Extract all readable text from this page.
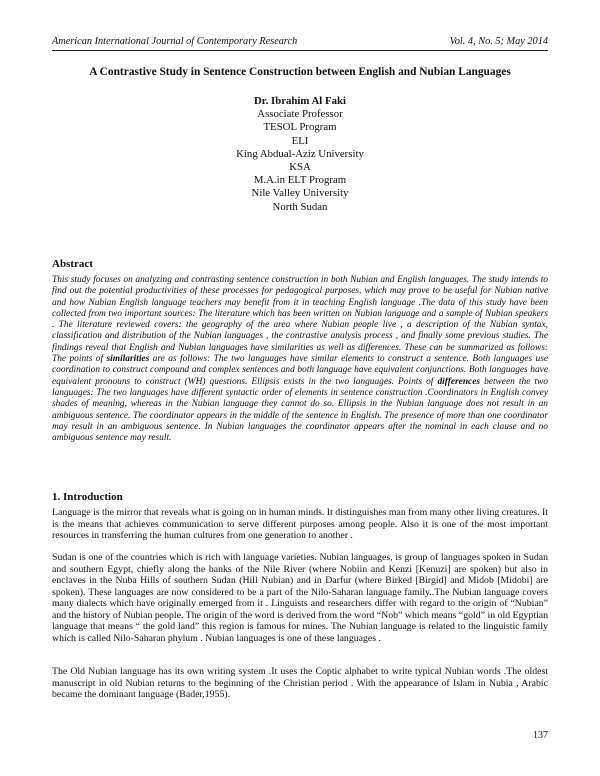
American International Journal of Contemporary Research	Vol. 4, No. 5; May 2014
A Contrastive Study in Sentence Construction between English and Nubian Languages
Dr. Ibrahim Al Faki
Associate Professor
TESOL Program
ELI
King Abdual-Aziz University
KSA
M.A.in ELT Program
Nile Valley University
North Sudan
Abstract
This study focuses on analyzing and contrasting sentence construction in both Nubian and English languages. The study intends to find out the potential productivities of these processes for pedagogical purposes, which may prove to be useful for Nubian native and how Nubian English language teachers may benefit from it in teaching English language .The data of this study have been collected from two important sources: The literature which has been written on Nubian language and a sample of Nubian speakers . The literature reviewed covers: the geography of the area where Nubian people live , a description of the Nubian syntax, classification and distribution of the Nubian languages , the contrastive analysis process , and finally some previous studies. The findings reveal that English and Nubian languages have similarities as well as differences. These can be summarized as follows: The points of similarities are as follows: The two languages have similar elements to construct a sentence. Both languages use coordination to construct compound and complex sentences and both language have equivalent conjunctions. Both languages have equivalent pronouns to construct (WH) questions. Ellipsis exists in the two languages. Points of differences between the two languages: The two languages have different syntactic order of elements in sentence construction .Coordinators in English convey shades of meaning, whereas in the Nubian language they cannot do so. Ellipsis in the Nubian language does not result in an ambiguous sentence. The coordinator appears in the middle of the sentence in English. The presence of more than one coordinator may result in an ambiguous sentence. In Nubian languages the coordinator appears after the nominal in each clause and no ambiguous sentence may result.
1. Introduction

Language is the mirror that reveals what is going on in human minds. It distinguishes man from many other living creatures. It is the means that achieves communication to serve different purposes among people. Also it is one of the most important resources in transferring the human cultures from one generation to another .

Sudan is one of the countries which is rich with language varieties. Nubian languages, is group of languages spoken in Sudan and southern Egypt, chiefly along the banks of the Nile River (where Nobiin and Kenzi [Kenuzi] are spoken) but also in enclaves in the Nuba Hills of southern Sudan (Hill Nubian) and in Darfur (where Birked [Birgid] and Midob [Midobi] are spoken). These languages are now considered to be a part of the Nilo-Saharan language family..The Nubian language covers many dialects which have originally emerged from it . Linguists and researchers differ with regard to the origin of “Nubian” and the history of Nubian people. The origin of the word is derived from the word “Nob” which means “gold” in old Egyptian language that means “ the gold land” this region is famous for mines. The Nubian language is related to the linguistic family which is called Nilo-Saharan phylum . Nubian languages is one of these languages .

The Old Nubian language has its own writing system .It uses the Coptic alphabet to write typical Nubian words .The oldest manuscript in old Nubian returns to the beginning of the Christian period . With the appearance of Islam in Nubia , Arabic became the dominant language (Bader,1955).

137
